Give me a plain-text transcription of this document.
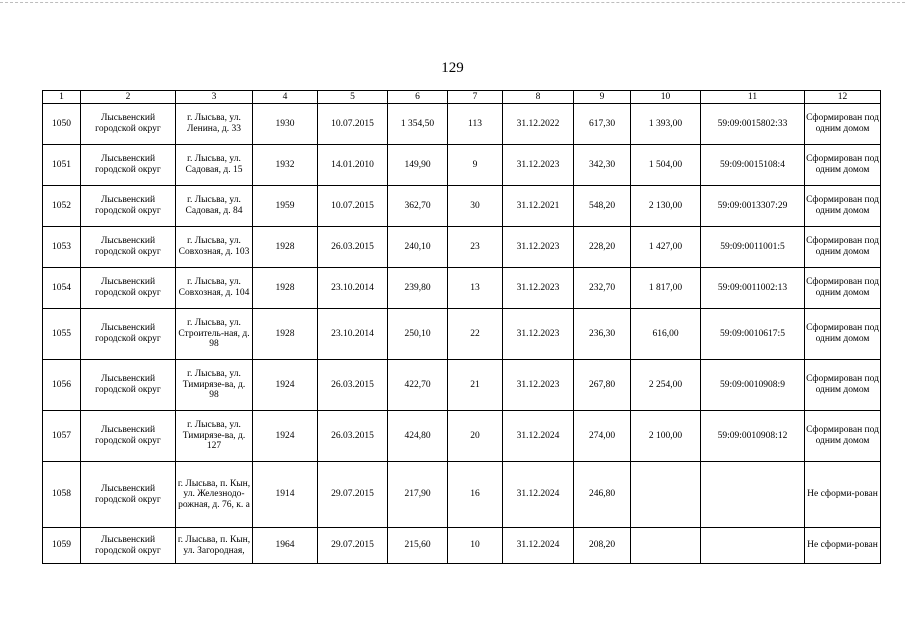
129
1	2	3	4	5	6	7	8	9	10	11	12
1050	Лысьвенский городской округ	г. Лысьва, ул. Ленина, д. 33	1930	10.07.2015	1 354,50	113	31.12.2022	617,30	1 393,00	59:09:0015802:33	Сформирован под одним домом
1051	Лысьвенский городской округ	г. Лысьва, ул. Садовая, д. 15	1932	14.01.2010	149,90	9	31.12.2023	342,30	1 504,00	59:09:0015108:4	Сформирован под одним домом
1052	Лысьвенский городской округ	г. Лысьва, ул. Садовая, д. 84	1959	10.07.2015	362,70	30	31.12.2021	548,20	2 130,00	59:09:0013307:29	Сформирован под одним домом
1053	Лысьвенский городской округ	г. Лысьва, ул. Совхозная, д. 103	1928	26.03.2015	240,10	23	31.12.2023	228,20	1 427,00	59:09:0011001:5	Сформирован под одним домом
1054	Лысьвенский городской округ	г. Лысьва, ул. Совхозная, д. 104	1928	23.10.2014	239,80	13	31.12.2023	232,70	1 817,00	59:09:0011002:13	Сформирован под одним домом
1055	Лысьвенский городской округ	г. Лысьва, ул. Строитель-ная, д. 98	1928	23.10.2014	250,10	22	31.12.2023	236,30	616,00	59:09:0010617:5	Сформирован под одним домом
1056	Лысьвенский городской округ	г. Лысьва, ул. Тимирязе-ва, д. 98	1924	26.03.2015	422,70	21	31.12.2023	267,80	2 254,00	59:09:0010908:9	Сформирован под одним домом
1057	Лысьвенский городской округ	г. Лысьва, ул. Тимирязе-ва, д. 127	1924	26.03.2015	424,80	20	31.12.2024	274,00	2 100,00	59:09:0010908:12	Сформирован под одним домом
1058	Лысьвенский городской округ	г. Лысьва, п. Кын, ул. Железнодо-рожная, д. 76, к. а	1914	29.07.2015	217,90	16	31.12.2024	246,80			Не сформи-рован
1059	Лысьвенский городской округ	г. Лысьва, п. Кын, ул. Загородная,	1964	29.07.2015	215,60	10	31.12.2024	208,20			Не сформи-рован
